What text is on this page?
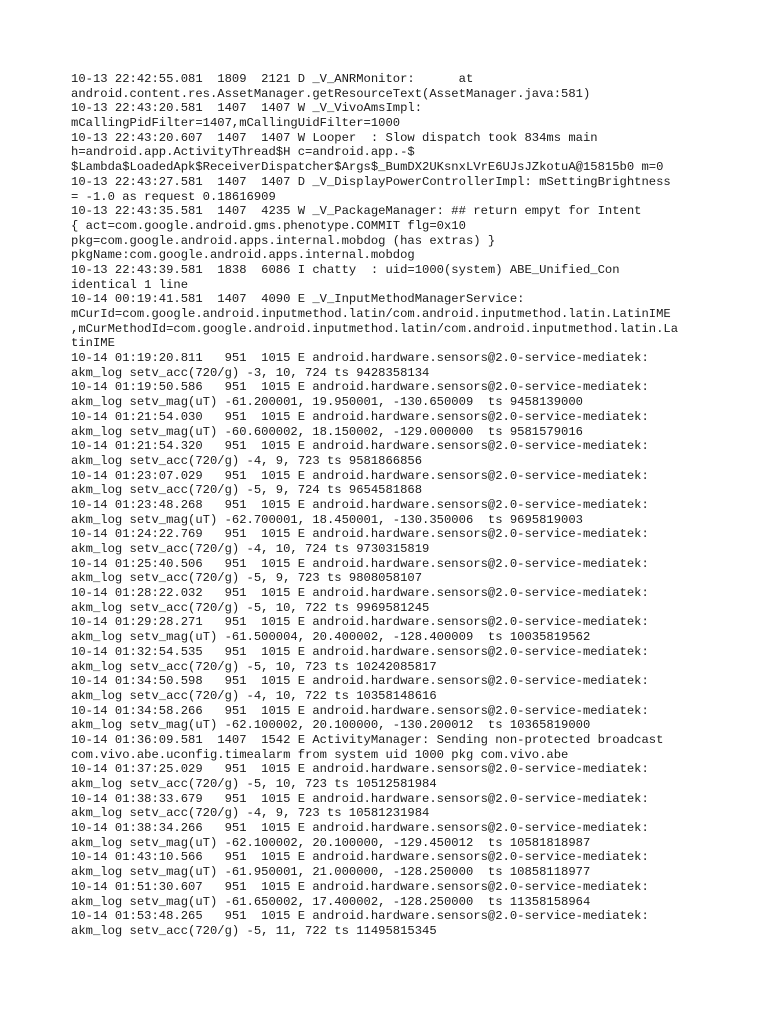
10-13 22:42:55.081  1809  2121 D _V_ANRMonitor:      at
android.content.res.AssetManager.getResourceText(AssetManager.java:581)
10-13 22:43:20.581  1407  1407 W _V_VivoAmsImpl:
mCallingPidFilter=1407,mCallingUidFilter=1000
10-13 22:43:20.607  1407  1407 W Looper  : Slow dispatch took 834ms main
h=android.app.ActivityThread$H c=android.app.-$
$Lambda$LoadedApk$ReceiverDispatcher$Args$_BumDX2UKsnxLVrE6UJsJZkotuA@15815b0 m=0
10-13 22:43:27.581  1407  1407 D _V_DisplayPowerControllerImpl: mSettingBrightness
= -1.0 as request 0.18616909
10-13 22:43:35.581  1407  4235 W _V_PackageManager: ## return empyt for Intent
{ act=com.google.android.gms.phenotype.COMMIT flg=0x10
pkg=com.google.android.apps.internal.mobdog (has extras) }
pkgName:com.google.android.apps.internal.mobdog
10-13 22:43:39.581  1838  6086 I chatty  : uid=1000(system) ABE_Unified_Con
identical 1 line
10-14 00:19:41.581  1407  4090 E _V_InputMethodManagerService:
mCurId=com.google.android.inputmethod.latin/com.android.inputmethod.latin.LatinIME
,mCurMethodId=com.google.android.inputmethod.latin/com.android.inputmethod.latin.La
tinIME
10-14 01:19:20.811   951  1015 E android.hardware.sensors@2.0-service-mediatek:
akm_log setv_acc(720/g) -3, 10, 724 ts 9428358134
10-14 01:19:50.586   951  1015 E android.hardware.sensors@2.0-service-mediatek:
akm_log setv_mag(uT) -61.200001, 19.950001, -130.650009  ts 9458139000
10-14 01:21:54.030   951  1015 E android.hardware.sensors@2.0-service-mediatek:
akm_log setv_mag(uT) -60.600002, 18.150002, -129.000000  ts 9581579016
10-14 01:21:54.320   951  1015 E android.hardware.sensors@2.0-service-mediatek:
akm_log setv_acc(720/g) -4, 9, 723 ts 9581866856
10-14 01:23:07.029   951  1015 E android.hardware.sensors@2.0-service-mediatek:
akm_log setv_acc(720/g) -5, 9, 724 ts 9654581868
10-14 01:23:48.268   951  1015 E android.hardware.sensors@2.0-service-mediatek:
akm_log setv_mag(uT) -62.700001, 18.450001, -130.350006  ts 9695819003
10-14 01:24:22.769   951  1015 E android.hardware.sensors@2.0-service-mediatek:
akm_log setv_acc(720/g) -4, 10, 724 ts 9730315819
10-14 01:25:40.506   951  1015 E android.hardware.sensors@2.0-service-mediatek:
akm_log setv_acc(720/g) -5, 9, 723 ts 9808058107
10-14 01:28:22.032   951  1015 E android.hardware.sensors@2.0-service-mediatek:
akm_log setv_acc(720/g) -5, 10, 722 ts 9969581245
10-14 01:29:28.271   951  1015 E android.hardware.sensors@2.0-service-mediatek:
akm_log setv_mag(uT) -61.500004, 20.400002, -128.400009  ts 10035819562
10-14 01:32:54.535   951  1015 E android.hardware.sensors@2.0-service-mediatek:
akm_log setv_acc(720/g) -5, 10, 723 ts 10242085817
10-14 01:34:50.598   951  1015 E android.hardware.sensors@2.0-service-mediatek:
akm_log setv_acc(720/g) -4, 10, 722 ts 10358148616
10-14 01:34:58.266   951  1015 E android.hardware.sensors@2.0-service-mediatek:
akm_log setv_mag(uT) -62.100002, 20.100000, -130.200012  ts 10365819000
10-14 01:36:09.581  1407  1542 E ActivityManager: Sending non-protected broadcast
com.vivo.abe.uconfig.timealarm from system uid 1000 pkg com.vivo.abe
10-14 01:37:25.029   951  1015 E android.hardware.sensors@2.0-service-mediatek:
akm_log setv_acc(720/g) -5, 10, 723 ts 10512581984
10-14 01:38:33.679   951  1015 E android.hardware.sensors@2.0-service-mediatek:
akm_log setv_acc(720/g) -4, 9, 723 ts 10581231984
10-14 01:38:34.266   951  1015 E android.hardware.sensors@2.0-service-mediatek:
akm_log setv_mag(uT) -62.100002, 20.100000, -129.450012  ts 10581818987
10-14 01:43:10.566   951  1015 E android.hardware.sensors@2.0-service-mediatek:
akm_log setv_mag(uT) -61.950001, 21.000000, -128.250000  ts 10858118977
10-14 01:51:30.607   951  1015 E android.hardware.sensors@2.0-service-mediatek:
akm_log setv_mag(uT) -61.650002, 17.400002, -128.250000  ts 11358158964
10-14 01:53:48.265   951  1015 E android.hardware.sensors@2.0-service-mediatek:
akm_log setv_acc(720/g) -5, 11, 722 ts 11495815345
